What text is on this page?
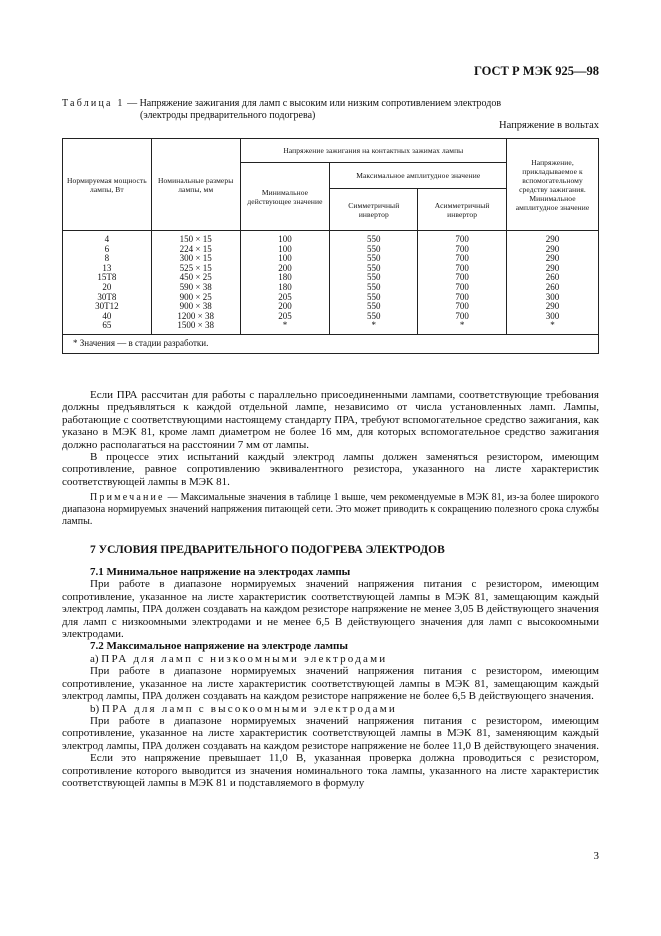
ГОСТ Р МЭК 925—98
Таблица 1 — Напряжение зажигания для ламп с высоким или низким сопротивлением электродов
(электроды предварительного подогрева)
Напряжение в вольтах
Нормируемая мощность лампы, Вт	Номинальные размеры лампы, мм	Напряжение зажигания на контактных зажимах лампы			Напряжение, прикладываемое к вспомогательному средству зажигания. Минимальное амплитудное значение
		Минимальное действующее значение	Максимальное амплитудное значение		
			Симметричный инвертор	Асимметричный инвертор	
4	150 × 15	100	550	700	290
6	224 × 15	100	550	700	290
8	300 × 15	100	550	700	290
13	525 × 15	200	550	700	290
15T8	450 × 25	180	550	700	260
20	590 × 38	180	550	700	260
30T8	900 × 25	205	550	700	300
30T12	900 × 38	200	550	700	290
40	1200 × 38	205	550	700	300
65	1500 × 38	*	*	*	*
* Значения — в стадии разработки.					

Если ПРА рассчитан для работы с параллельно присоединенными лампами, соответствующие требования должны предъявляться к каждой отдельной лампе, независимо от числа установленных ламп. Лампы, работающие с соответствующими настоящему стандарту ПРА, требуют вспомогательное средство зажигания, как указано в МЭК 81, кроме ламп диаметром не более 16 мм, для которых вспомогательное средство зажигания должно располагаться на расстоянии 7 мм от лампы.

В процессе этих испытаний каждый электрод лампы должен заменяться резистором, имеющим сопротивление, равное сопротивлению эквивалентного резистора, указанного на листе характеристик соответствующей лампы в МЭК 81.

Примечание — Максимальные значения в таблице 1 выше, чем рекомендуемые в МЭК 81, из-за более широкого диапазона нормируемых значений напряжения питающей сети. Это может приводить к сокращению полезного срока службы лампы.

7 УСЛОВИЯ ПРЕДВАРИТЕЛЬНОГО ПОДОГРЕВА ЭЛЕКТРОДОВ
7.1 Минимальное напряжение на электродах лампы

При работе в диапазоне нормируемых значений напряжения питания с резистором, имеющим сопротивление, указанное на листе характеристик соответствующей лампы в МЭК 81, замещающим каждый электрод лампы, ПРА должен создавать на каждом резисторе напряжение не менее 3,05 В действующего значения для ламп с низкоомными электродами и не менее 6,5 В действующего значения для ламп с высокоомными электродами.

7.2 Максимальное напряжение на электроде лампы
a) ПРА для ламп с низкоомными электродами

При работе в диапазоне нормируемых значений напряжения питания с резистором, имеющим сопротивление, указанное на листе характеристик соответствующей лампы в МЭК 81, замещающим каждый электрод лампы, ПРА должен создавать на каждом резисторе напряжение не более 6,5 В действующего значения.

b) ПРА для ламп с высокоомными электродами

При работе в диапазоне нормируемых значений напряжения питания с резистором, имеющим сопротивление, указанное на листе характеристик соответствующей лампы в МЭК 81, заменяющим каждый электрод лампы, ПРА должен создавать на каждом резисторе напряжение не более 11,0 В действующего значения.

Если это напряжение превышает 11,0 В, указанная проверка должна проводиться с резистором, сопротивление которого выводится из значения номинального тока лампы, указанного на листе характеристик соответствующей лампы в МЭК 81 и подставляемого в формулу

3
